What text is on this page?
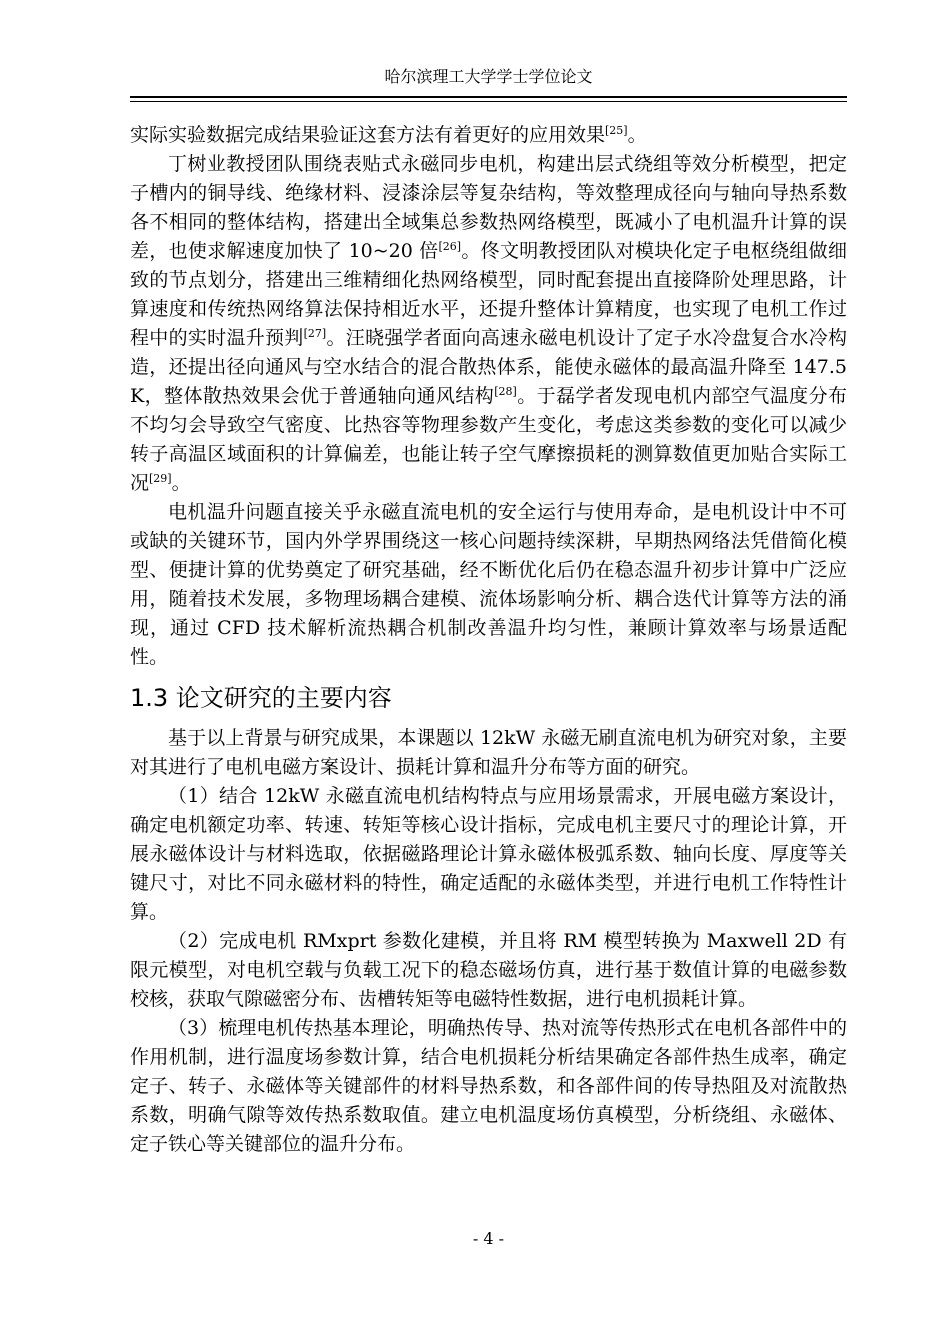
哈尔滨理工大学学士学位论文

实际实验数据完成结果验证这套方法有着更好的应用效果[25]。

丁树业教授团队围绕表贴式永磁同步电机，构建出层式绕组等效分析模型，把定子槽内的铜导线、绝缘材料、浸漆涂层等复杂结构，等效整理成径向与轴向导热系数各不相同的整体结构，搭建出全域集总参数热网络模型，既减小了电机温升计算的误差，也使求解速度加快了 10~20 倍[26]。佟文明教授团队对模块化定子电枢绕组做细致的节点划分，搭建出三维精细化热网络模型，同时配套提出直接降阶处理思路，计算速度和传统热网络算法保持相近水平，还提升整体计算精度，也实现了电机工作过程中的实时温升预判[27]。汪晓强学者面向高速永磁电机设计了定子水冷盘复合水冷构造，还提出径向通风与空水结合的混合散热体系，能使永磁体的最高温升降至 147.5K，整体散热效果会优于普通轴向通风结构[28]。于磊学者发现电机内部空气温度分布不均匀会导致空气密度、比热容等物理参数产生变化，考虑这类参数的变化可以减少转子高温区域面积的计算偏差，也能让转子空气摩擦损耗的测算数值更加贴合实际工况[29]。

电机温升问题直接关乎永磁直流电机的安全运行与使用寿命，是电机设计中不可或缺的关键环节，国内外学界围绕这一核心问题持续深耕，早期热网络法凭借简化模型、便捷计算的优势奠定了研究基础，经不断优化后仍在稳态温升初步计算中广泛应用，随着技术发展，多物理场耦合建模、流体场影响分析、耦合迭代计算等方法的涌现，通过 CFD 技术解析流热耦合机制改善温升均匀性，兼顾计算效率与场景适配性。

1.3 论文研究的主要内容

基于以上背景与研究成果，本课题以 12kW 永磁无刷直流电机为研究对象，主要对其进行了电机电磁方案设计、损耗计算和温升分布等方面的研究。

（1）结合 12kW 永磁直流电机结构特点与应用场景需求，开展电磁方案设计，确定电机额定功率、转速、转矩等核心设计指标，完成电机主要尺寸的理论计算，开展永磁体设计与材料选取，依据磁路理论计算永磁体极弧系数、轴向长度、厚度等关键尺寸，对比不同永磁材料的特性，确定适配的永磁体类型，并进行电机工作特性计算。

（2）完成电机 RMxprt 参数化建模，并且将 RM 模型转换为 Maxwell 2D 有限元模型，对电机空载与负载工况下的稳态磁场仿真，进行基于数值计算的电磁参数校核，获取气隙磁密分布、齿槽转矩等电磁特性数据，进行电机损耗计算。

（3）梳理电机传热基本理论，明确热传导、热对流等传热形式在电机各部件中的作用机制，进行温度场参数计算，结合电机损耗分析结果确定各部件热生成率，确定定子、转子、永磁体等关键部件的材料导热系数，和各部件间的传导热阻及对流散热系数，明确气隙等效传热系数取值。建立电机温度场仿真模型，分析绕组、永磁体、定子铁心等关键部位的温升分布。

- 4 -
